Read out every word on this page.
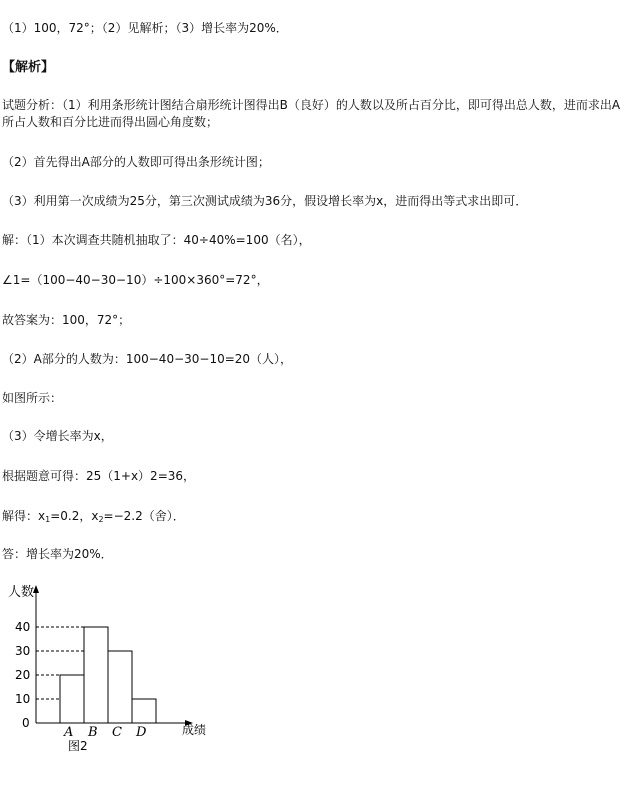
（1）100，72°；（2）见解析；（3）增长率为20%．
【解析】
试题分析：（1）利用条形统计图结合扇形统计图得出B（良好）的人数以及所占百分比，即可得出总人数，进而求出A所占人数和百分比进而得出圆心角度数；
（2）首先得出A部分的人数即可得出条形统计图；
（3）利用第一次成绩为25分，第三次测试成绩为36分，假设增长率为x，进而得出等式求出即可．
解：（1）本次调查共随机抽取了：40÷40%=100（名），
∠1=（100−40−30−10）÷100×360°=72°，
故答案为：100，72°；
（2）A部分的人数为：100−40−30−10=20（人），
如图所示：
（3）令增长率为x，
根据题意可得：25（1+x）2=36，
解得：$x_1=0.2$，$x_2=-2.2$（舍）．
答：增长率为20%．
0
10
20
30
40
A B C D
人数
成绩
图2
